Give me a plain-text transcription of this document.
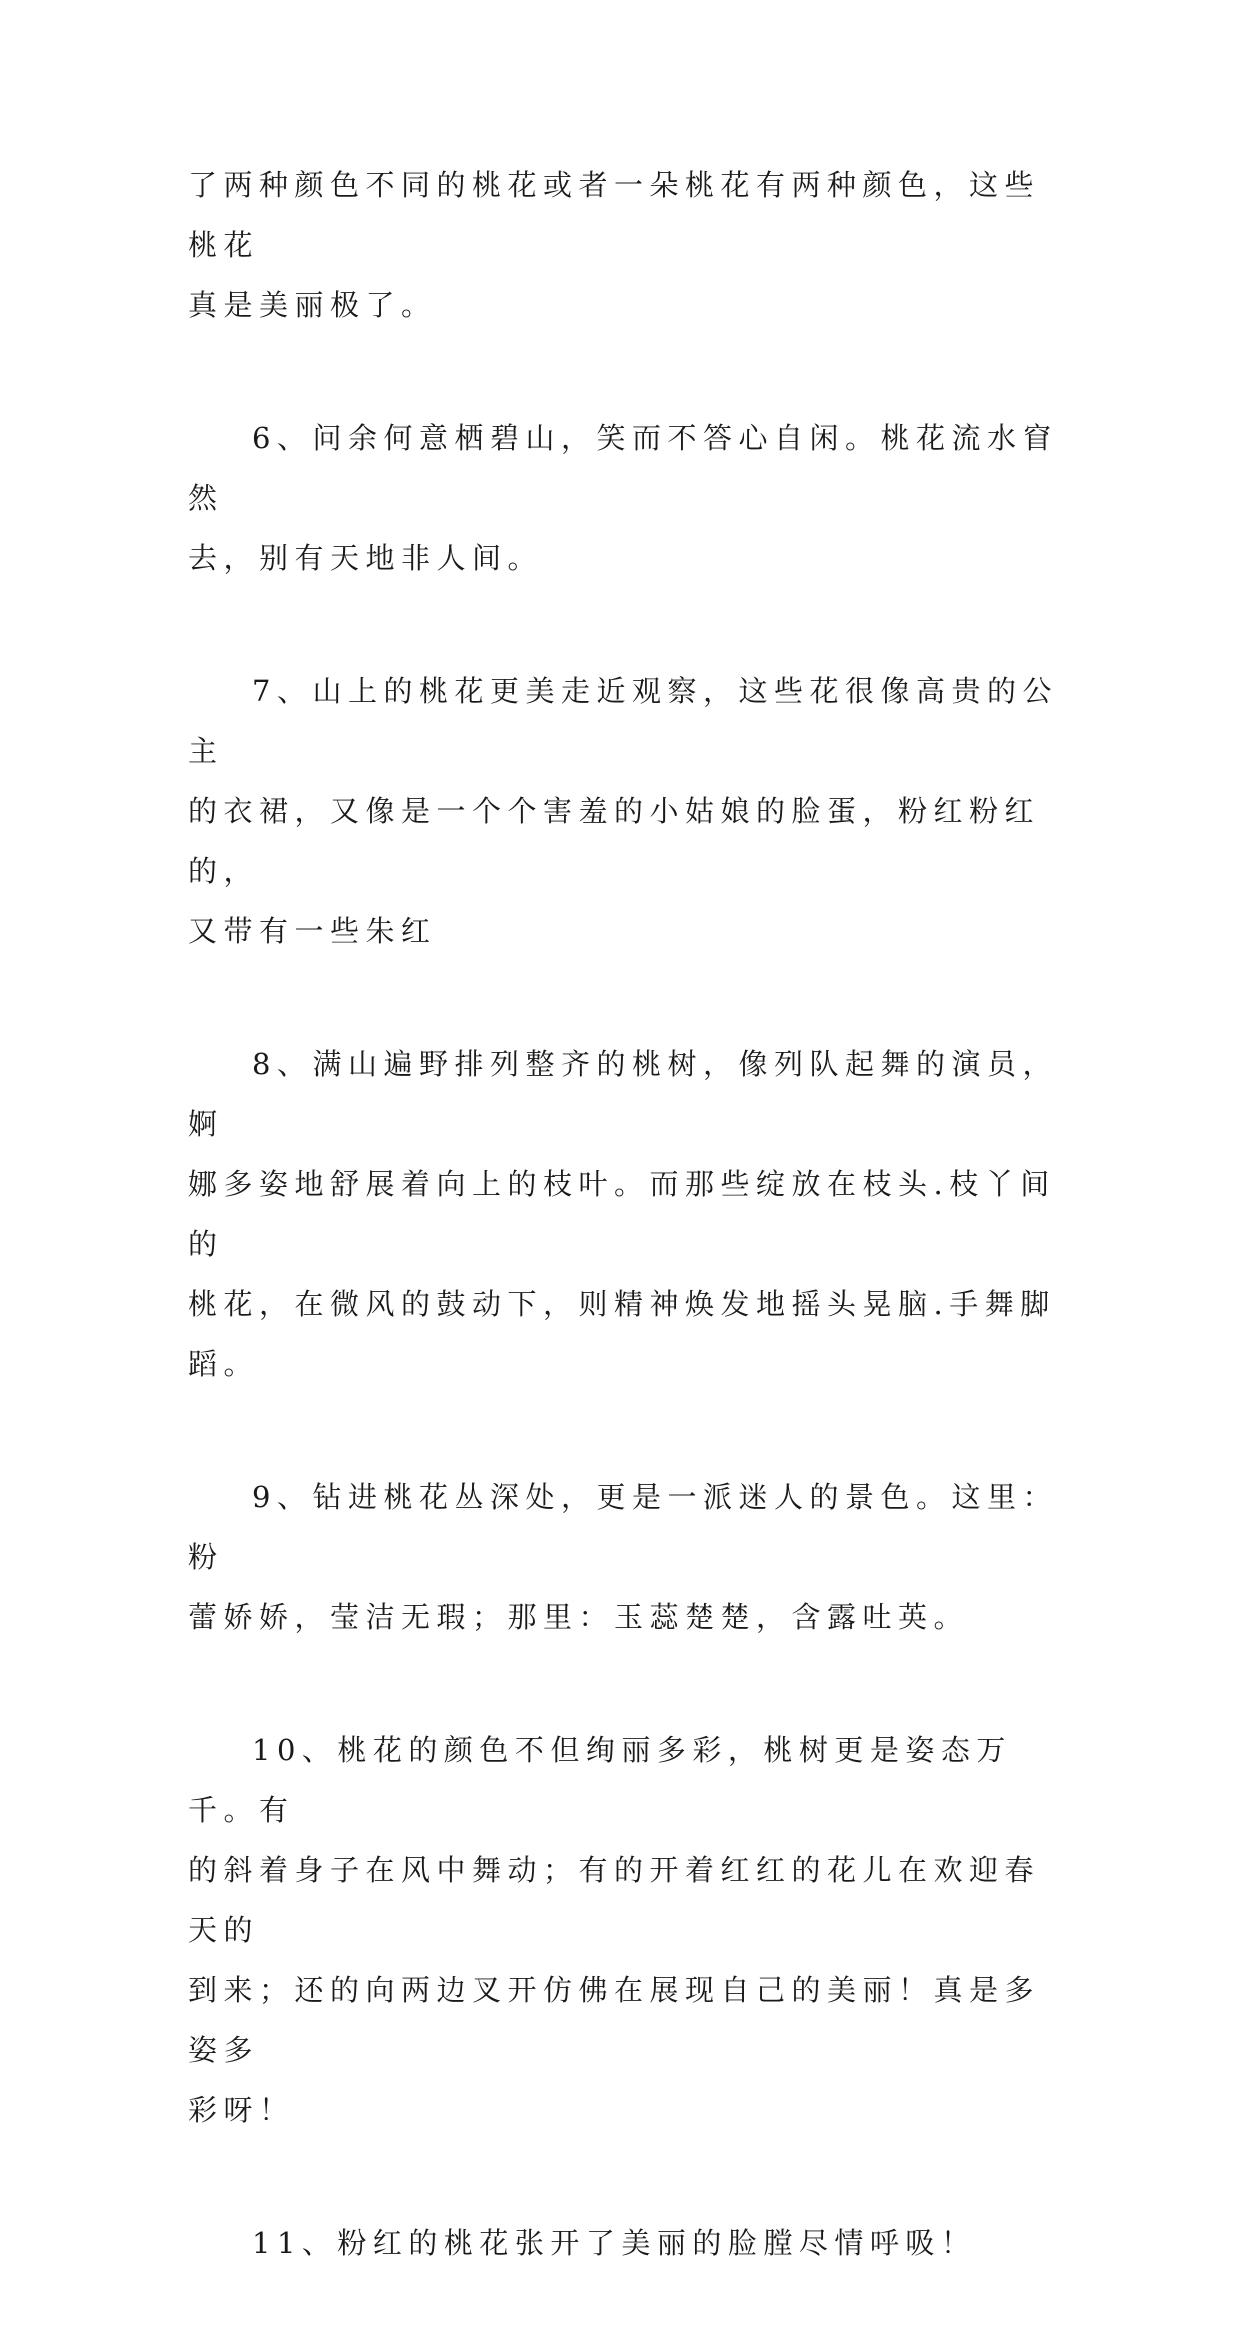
了两种颜色不同的桃花或者一朵桃花有两种颜色，这些桃花
真是美丽极了。

6、问余何意栖碧山，笑而不答心自闲。桃花流水窅然
去，别有天地非人间。

7、山上的桃花更美走近观察，这些花很像高贵的公主
的衣裙，又像是一个个害羞的小姑娘的脸蛋，粉红粉红的，
又带有一些朱红

8、满山遍野排列整齐的桃树，像列队起舞的演员，婀
娜多姿地舒展着向上的枝叶。而那些绽放在枝头.枝丫间的
桃花，在微风的鼓动下，则精神焕发地摇头晃脑.手舞脚蹈。

9、钻进桃花丛深处，更是一派迷人的景色。这里：粉
蕾娇娇，莹洁无瑕；那里：玉蕊楚楚，含露吐英。

10、桃花的颜色不但绚丽多彩，桃树更是姿态万千。有
的斜着身子在风中舞动；有的开着红红的花儿在欢迎春天的
到来；还的向两边叉开仿佛在展现自己的美丽！真是多姿多
彩呀！

11、粉红的桃花张开了美丽的脸膛尽情呼吸！
